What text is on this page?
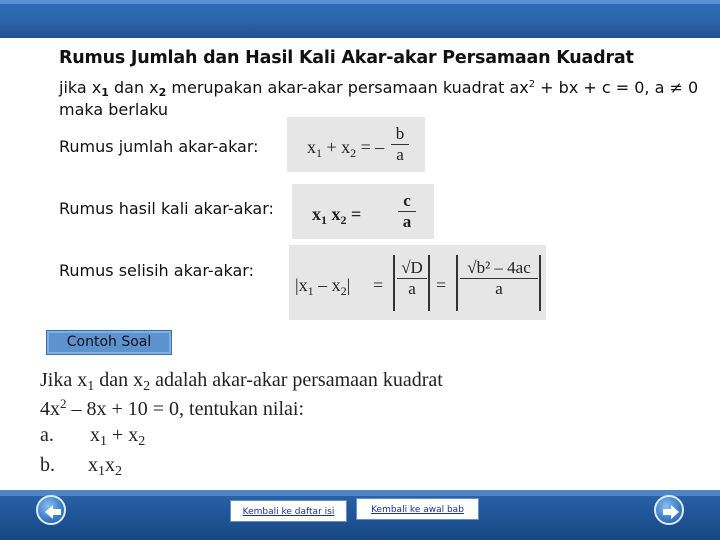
Rumus Jumlah dan Hasil Kali Akar-akar Persamaan Kuadrat
jika $x_1$ dan $x_2$ merupakan akar-akar persamaan kuadrat $ax^2$ + bx + c = 0, a ≠ 0
maka berlaku
Rumus jumlah akar-akar:	$x_1 + x_2$ = –
b
a
Rumus hasil kali akar-akar: $x_1$ $x_2$ =
c
a
Rumus selisih akar-akar:
$|x_1 - x_2|$ =
√D
a	=
√b² – 4ac
a
Contoh Soal
Jika $x_1$ dan $x_2$ adalah akar-akar persamaan kuadrat
$4x^2 - 8x + 10 = 0$, tentukan nilai:
a. $x_1 + x_2$
b. $x_1x_2$
Kembali ke daftar isi	Kembali ke awal bab
